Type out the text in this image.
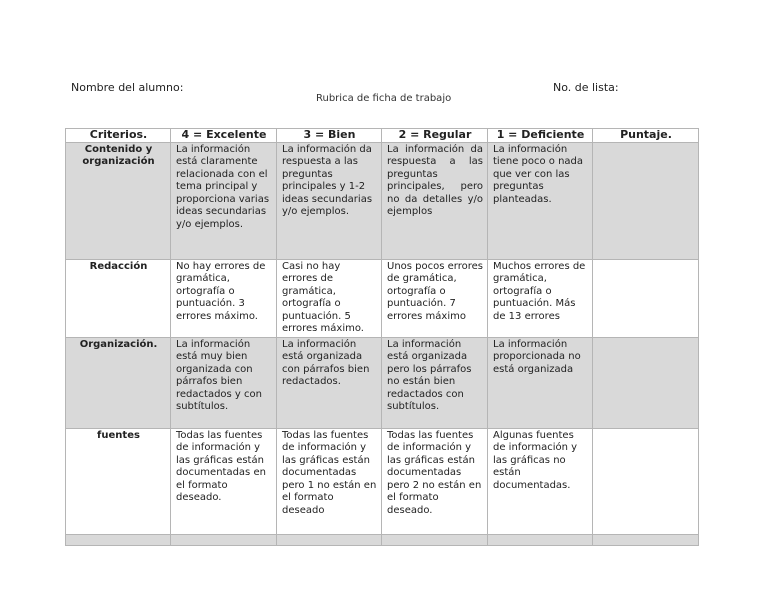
Nombre del alumno:	No. de lista:
Rubrica de ficha de trabajo
Criterios.	4 = Excelente	3 = Bien	2 = Regular	1 = Deficiente	Puntaje.
Contenido y organización	La información está claramente relacionada con el tema principal y proporciona varias ideas secundarias y/o ejemplos.	La información da respuesta a las preguntas principales y 1-2 ideas secundarias y/o ejemplos.	La información da respuesta a las preguntas principales, pero no da detalles y/o ejemplos	La información tiene poco o nada que ver con las preguntas planteadas.	
Redacción	No hay errores de gramática, ortografía o puntuación. 3 errores máximo.	Casi no hay errores de gramática, ortografía o puntuación. 5 errores máximo.	Unos pocos errores de gramática, ortografía o puntuación. 7 errores máximo	Muchos errores de gramática, ortografía o puntuación. Más de 13 errores	
Organización.	La información está muy bien organizada con párrafos bien redactados y con subtítulos.	La información está organizada con párrafos bien redactados.	La información está organizada pero los párrafos no están bien redactados con subtítulos.	La información proporcionada no está organizada	
fuentes	Todas las fuentes de información y las gráficas están documentadas en el formato deseado.	Todas las fuentes de información y las gráficas están documentadas pero 1 no están en el formato deseado	Todas las fuentes de información y las gráficas están documentadas pero 2 no están en el formato deseado.	Algunas fuentes de información y las gráficas no están documentadas.	
